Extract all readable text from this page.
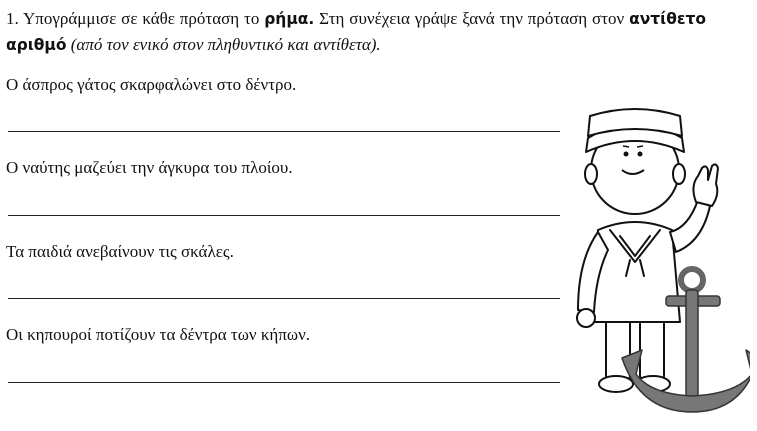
1. Υπογράμμισε σε κάθε πρόταση το ρήμα. Στη συνέχεια γράψε ξανά την πρόταση στον αντίθετο αριθμό (από τον ενικό στον πληθυντικό και αντίθετα).

Ο άσπρος γάτος σκαρφαλώνει στο δέντρο.

Ο ναύτης μαζεύει την άγκυρα του πλοίου.

Τα παιδιά ανεβαίνουν τις σκάλες.

Οι κηπουροί ποτίζουν τα δέντρα των κήπων.
